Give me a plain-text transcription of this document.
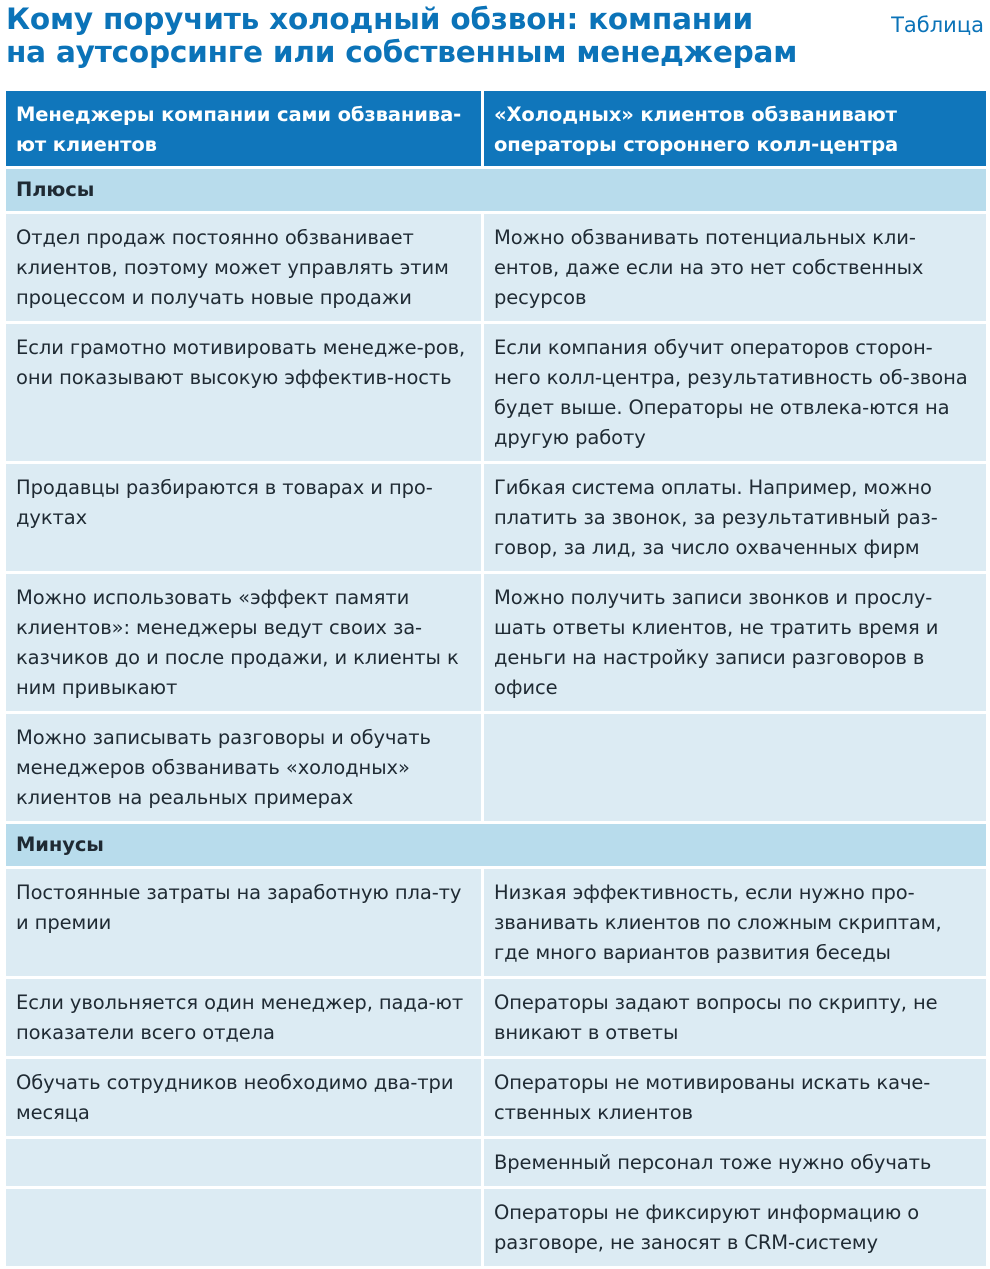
Кому поручить холодный обзвон: компании
на аутсорсинге или собственным менеджерам
Таблица
Менеджеры компании сами обзванива-ют клиентов	«Холодных» клиентов обзванивают операторы стороннего колл-центра
Плюсы	
Отдел продаж постоянно обзванивает клиентов, поэтому может управлять этим процессом и получать новые продажи	Можно обзванивать потенциальных кли-ентов, даже если на это нет собственных ресурсов
Если грамотно мотивировать менедже-ров, они показывают высокую эффектив-ность	Если компания обучит операторов сторон-него колл-центра, результативность об-звона будет выше. Операторы не отвлека-ются на другую работу
Продавцы разбираются в товарах и про-дуктах	Гибкая система оплаты. Например, можно платить за звонок, за результативный раз-говор, за лид, за число охваченных фирм
Можно использовать «эффект памяти клиентов»: менеджеры ведут своих за-казчиков до и после продажи, и клиенты к ним привыкают	Можно получить записи звонков и прослу-шать ответы клиентов, не тратить время и деньги на настройку записи разговоров в офисе
Можно записывать разговоры и обучать менеджеров обзванивать «холодных» клиентов на реальных примерах	
Минусы	
Постоянные затраты на заработную пла-ту и премии	Низкая эффективность, если нужно про-званивать клиентов по сложным скриптам, где много вариантов развития беседы
Если увольняется один менеджер, пада-ют показатели всего отдела	Операторы задают вопросы по скрипту, не вникают в ответы
Обучать сотрудников необходимо два-три месяца	Операторы не мотивированы искать каче-ственных клиентов
	Временный персонал тоже нужно обучать
	Операторы не фиксируют информацию о разговоре, не заносят в CRM-систему
